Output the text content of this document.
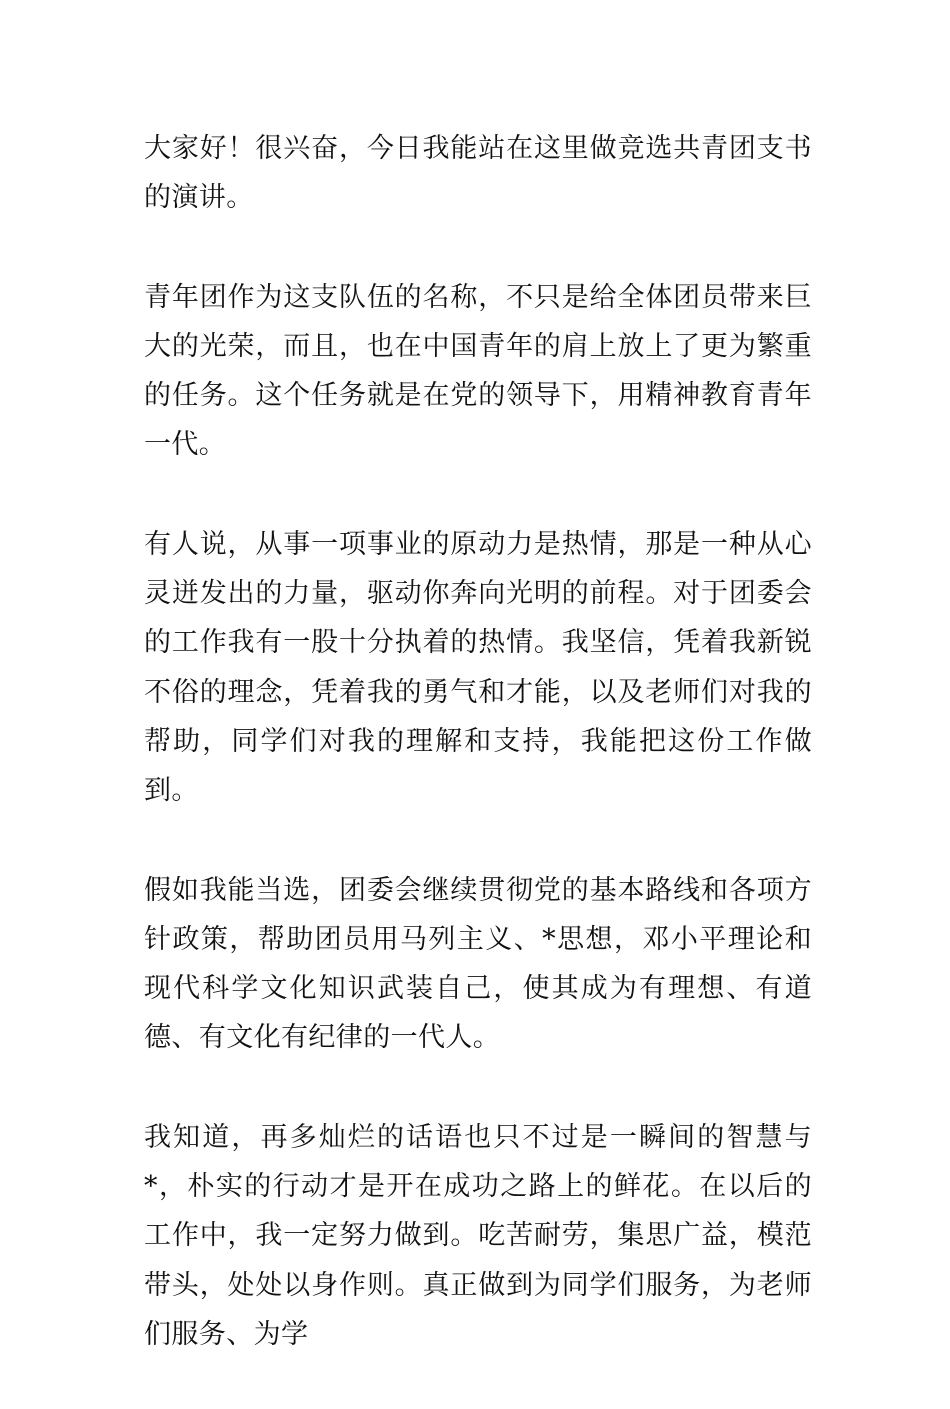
大家好！很兴奋，今日我能站在这里做竞选共青团支书的演讲。

青年团作为这支队伍的名称，不只是给全体团员带来巨大的光荣，而且，也在中国青年的肩上放上了更为繁重的任务。这个任务就是在党的领导下，用精神教育青年一代。

有人说，从事一项事业的原动力是热情，那是一种从心灵迸发出的力量，驱动你奔向光明的前程。对于团委会的工作我有一股十分执着的热情。我坚信，凭着我新锐不俗的理念，凭着我的勇气和才能，以及老师们对我的帮助，同学们对我的理解和支持，我能把这份工作做到。

假如我能当选，团委会继续贯彻党的基本路线和各项方针政策，帮助团员用马列主义、*思想，邓小平理论和现代科学文化知识武装自己，使其成为有理想、有道德、有文化有纪律的一代人。

我知道，再多灿烂的话语也只不过是一瞬间的智慧与*，朴实的行动才是开在成功之路上的鲜花。在以后的工作中，我一定努力做到。吃苦耐劳，集思广益，模范带头，处处以身作则。真正做到为同学们服务，为老师们服务、为学
